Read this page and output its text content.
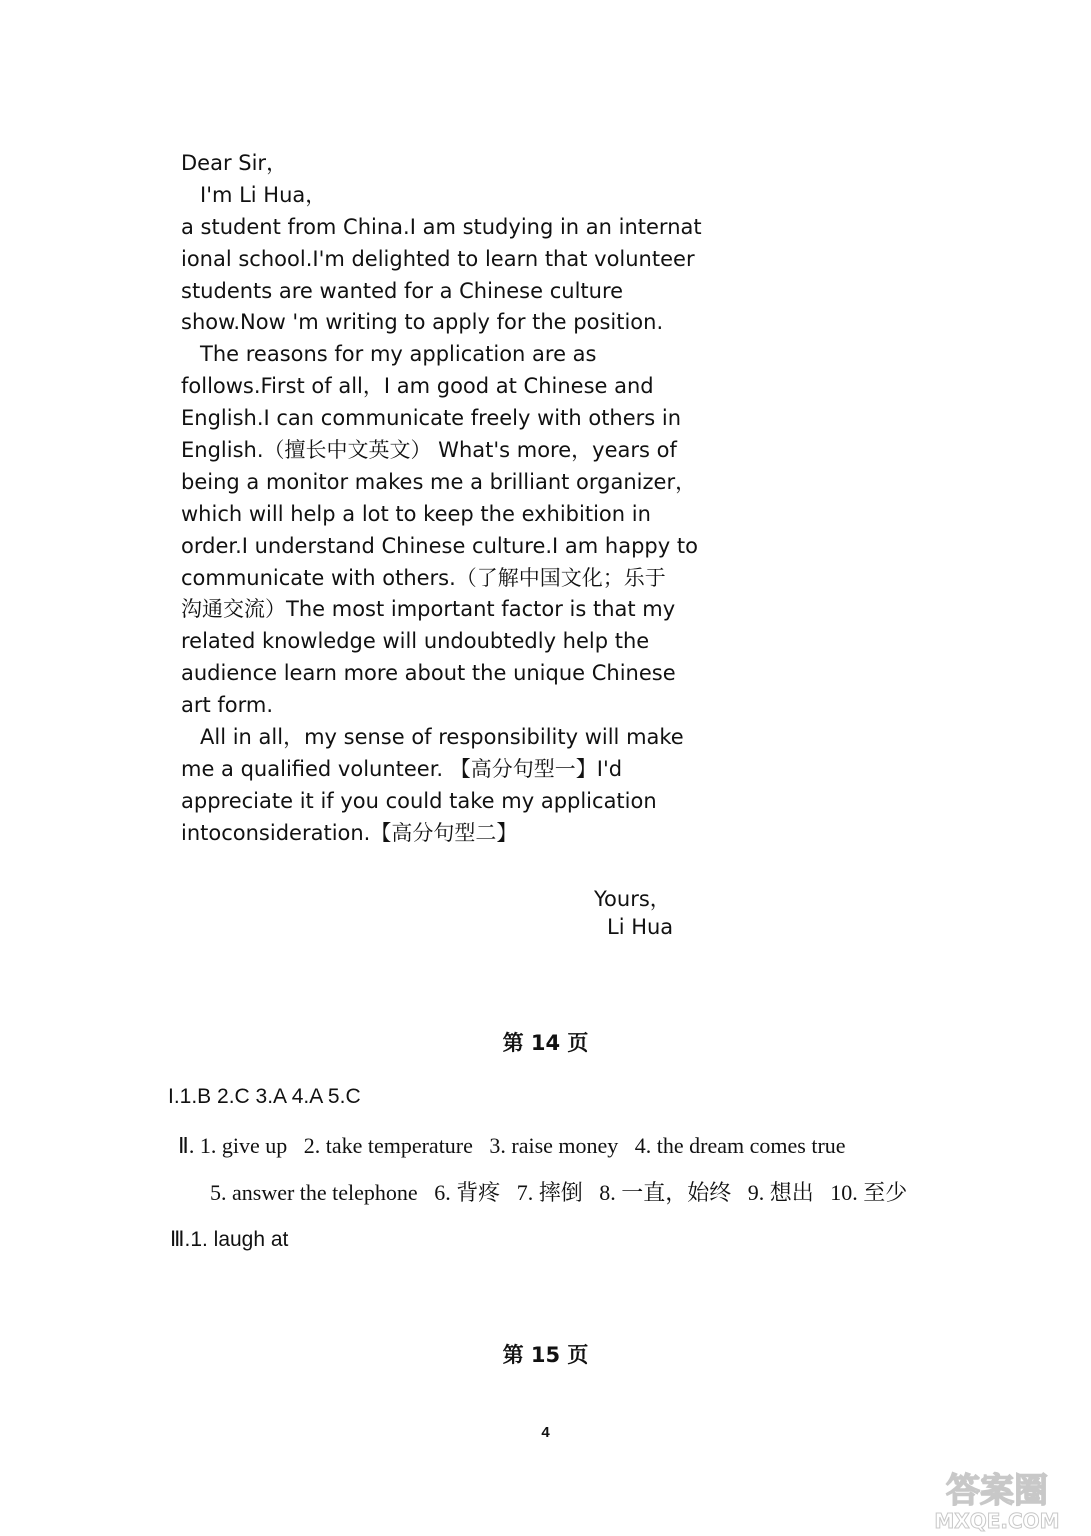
Dear Sir，
I'm Li Hua，
a student from China.I am studying in an internat
ional school.I'm delighted to learn that volunteer
students are wanted for a Chinese culture
show.Now 'm writing to apply for the position.
The reasons for my application are as
follows.First of all，I am good at Chinese and
English.I can communicate freely with others in
English.（擅长中文英文） What's more，years of
being a monitor makes me a brilliant organizer，
which will help a lot to keep the exhibition in
order.I understand Chinese culture.I am happy to
communicate with others.（了解中国文化；乐于
沟通交流）The most important factor is that my
related knowledge will undoubtedly help the
audience learn more about the unique Chinese
art form.
All in all，my sense of responsibility will make
me a qualified volunteer. 【高分句型一】I'd
appreciate it if you could take my application
intoconsideration.【高分句型二】
Yours，
Li Hua
第 14 页
I.1.B 2.C 3.A 4.A 5.C
Ⅱ. 1. give up   2. take temperature   3. raise money   4. the dream comes true
5. answer the telephone   6. 背疼   7. 摔倒   8. 一直，始终   9. 想出   10. 至少
Ⅲ.1. laugh at
第 15 页
4
答案圈
MXQE.COM
